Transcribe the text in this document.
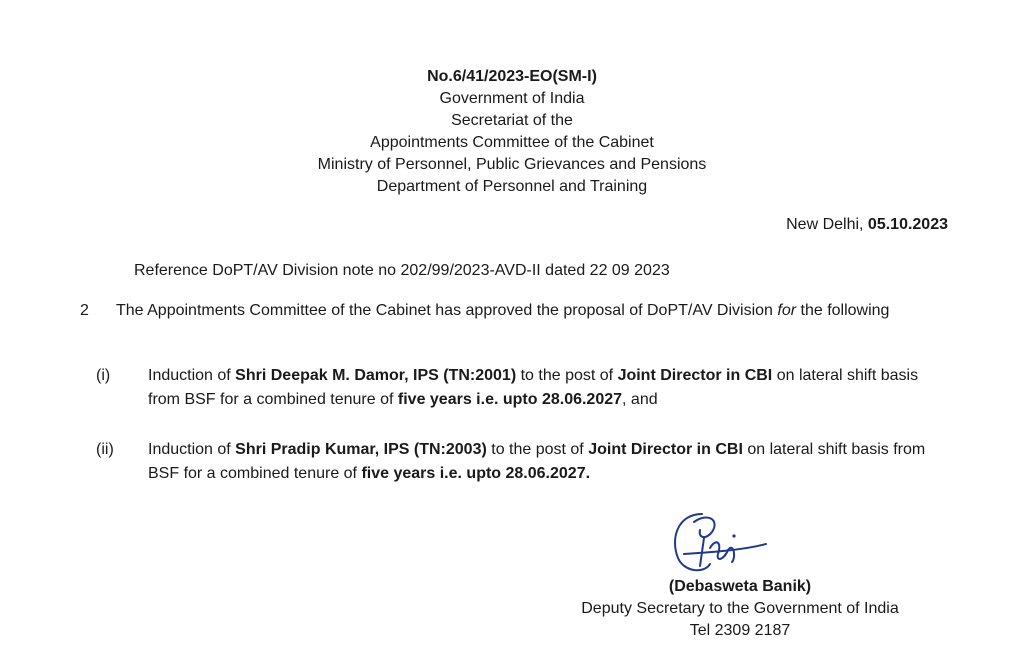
No.6/41/2023-EO(SM-I)
Government of India
Secretariat of the
Appointments Committee of the Cabinet
Ministry of Personnel, Public Grievances and Pensions
Department of Personnel and Training
New Delhi, 05.10.2023
Reference DoPT/AV Division note no 202/99/2023-AVD-II dated 22 09 2023
2 The Appointments Committee of the Cabinet has approved the proposal of DoPT/AV Division for the following
(i) Induction of Shri Deepak M. Damor, IPS (TN:2001) to the post of Joint Director in CBI on lateral shift basis from BSF for a combined tenure of five years i.e. upto 28.06.2027, and
(ii) Induction of Shri Pradip Kumar, IPS (TN:2003) to the post of Joint Director in CBI on lateral shift basis from BSF for a combined tenure of five years i.e. upto 28.06.2027.
(Debasweta Banik)
Deputy Secretary to the Government of India
Tel 2309 2187
